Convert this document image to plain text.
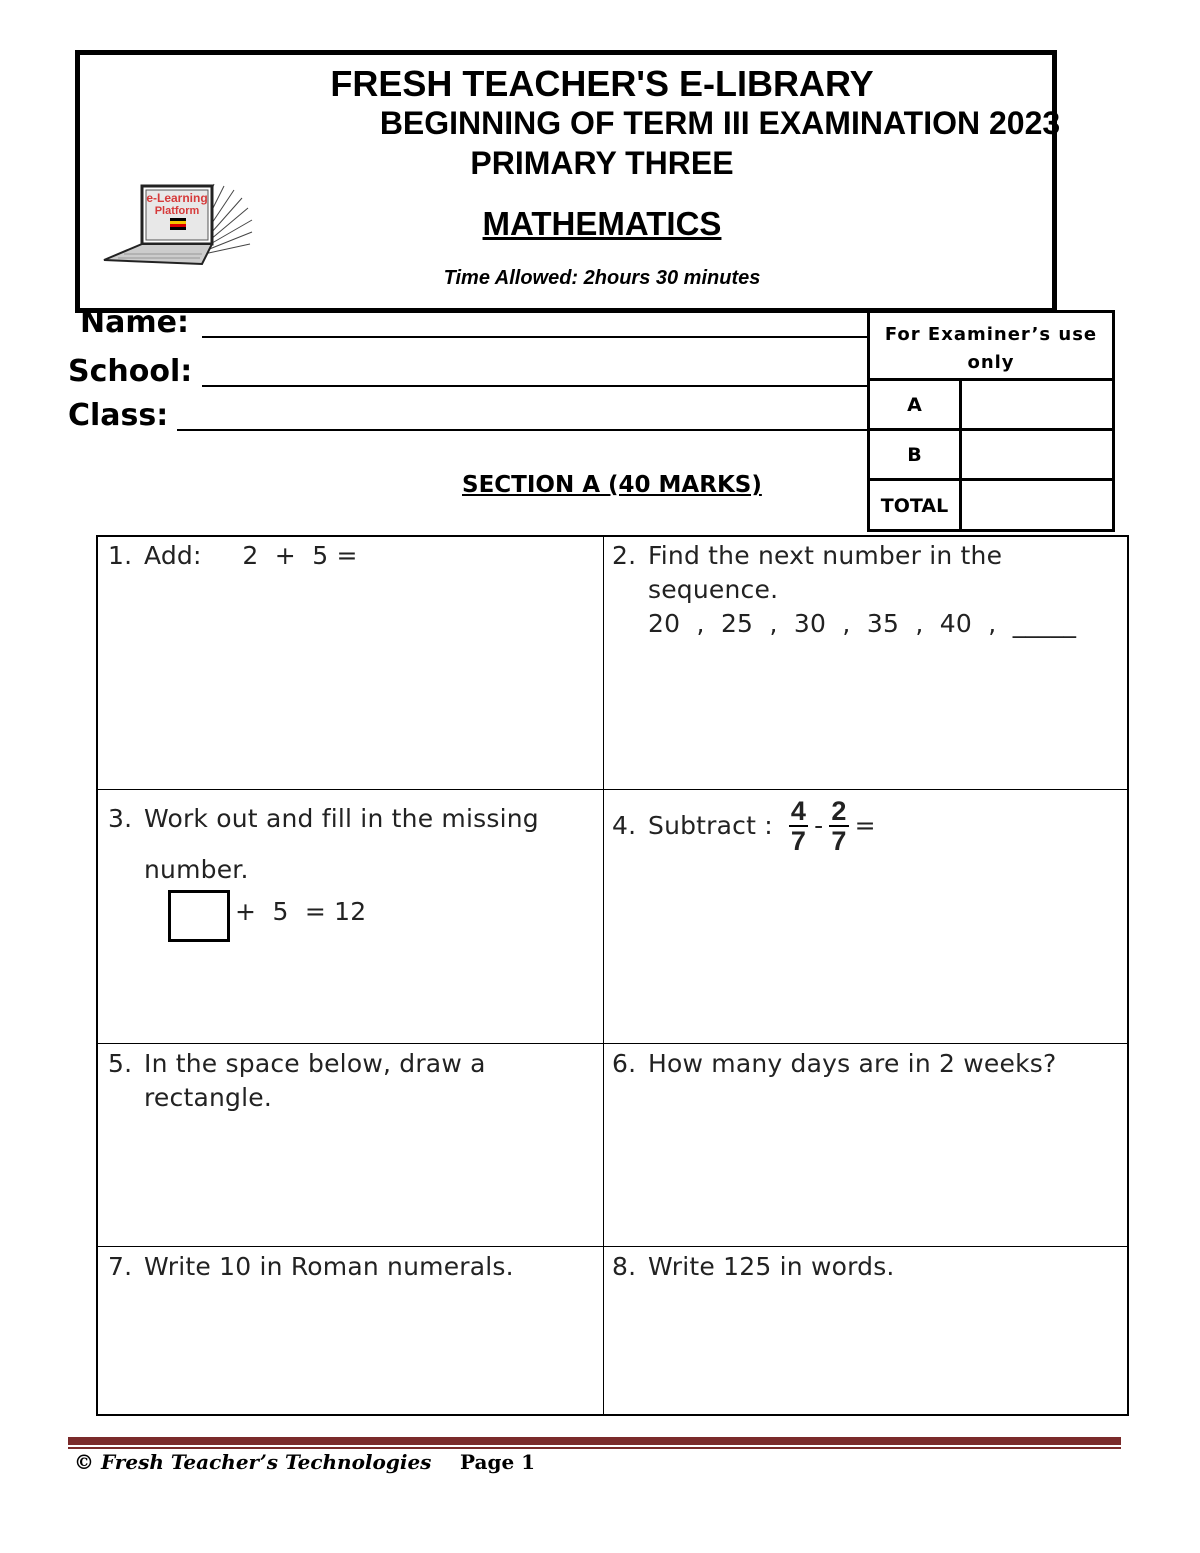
FRESH TEACHER'S E-LIBRARY
BEGINNING OF TERM III EXAMINATION 2023
PRIMARY THREE
MATHEMATICS
Time Allowed: 2hours 30 minutes
e-Learning
Platform
Name:
School:
Class:
For Examiner’s use only
A
B
TOTAL
SECTION A (40 MARKS)
1. Add:     2  +  5 =	2. Find the next number in the
sequence.
20  ,  25  ,  30  ,  35  ,  40  ,  _____
3. Work out and fill in the missing
number.
+  5  = 12
4. Subtract : $\frac{4}{7} - \frac{2}{7}$ =
5. In the space below, draw a
rectangle.
6. How many days are in 2 weeks?
7. Write 10 in Roman numerals.	8. Write 125 in words.
© Fresh Teacher’s Technologies Page 1
